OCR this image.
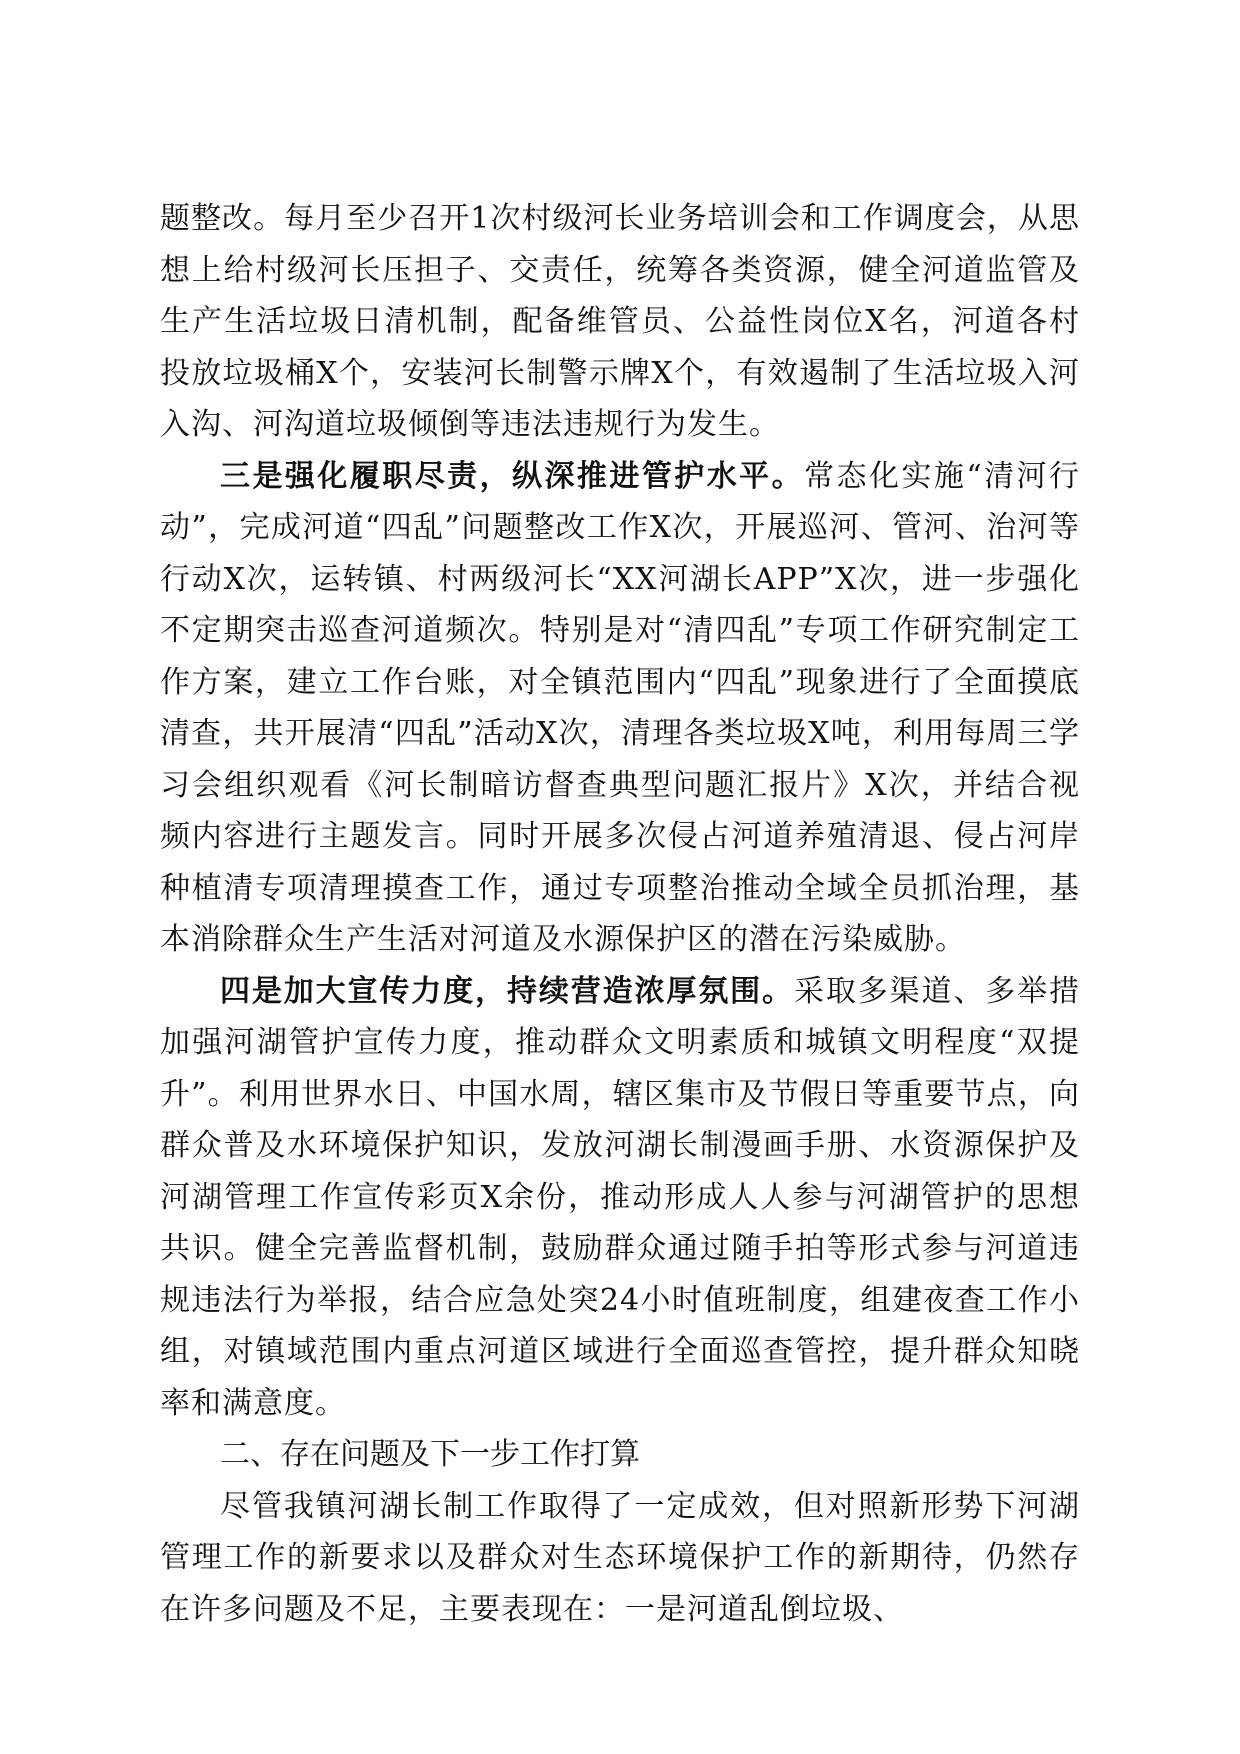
题整改。每月至少召开1次村级河长业务培训会和工作调度会，从思想上给村级河长压担子、交责任，统筹各类资源，健全河道监管及生产生活垃圾日清机制，配备维管员、公益性岗位X名，河道各村投放垃圾桶X个，安装河长制警示牌X个，有效遏制了生活垃圾入河入沟、河沟道垃圾倾倒等违法违规行为发生。

三是强化履职尽责，纵深推进管护水平。常态化实施“清河行动”，完成河道“四乱”问题整改工作X次，开展巡河、管河、治河等行动X次，运转镇、村两级河长“XX河湖长APP”X次，进一步强化不定期突击巡查河道频次。特别是对“清四乱”专项工作研究制定工作方案，建立工作台账，对全镇范围内“四乱”现象进行了全面摸底清查，共开展清“四乱”活动X次，清理各类垃圾X吨，利用每周三学习会组织观看《河长制暗访督查典型问题汇报片》X次，并结合视频内容进行主题发言。同时开展多次侵占河道养殖清退、侵占河岸种植清专项清理摸查工作，通过专项整治推动全域全员抓治理，基本消除群众生产生活对河道及水源保护区的潜在污染威胁。

四是加大宣传力度，持续营造浓厚氛围。采取多渠道、多举措加强河湖管护宣传力度，推动群众文明素质和城镇文明程度“双提升”。利用世界水日、中国水周，辖区集市及节假日等重要节点，向群众普及水环境保护知识，发放河湖长制漫画手册、水资源保护及河湖管理工作宣传彩页X余份，推动形成人人参与河湖管护的思想共识。健全完善监督机制，鼓励群众通过随手拍等形式参与河道违规违法行为举报，结合应急处突24小时值班制度，组建夜查工作小组，对镇域范围内重点河道区域进行全面巡查管控，提升群众知晓率和满意度。

二、存在问题及下一步工作打算

尽管我镇河湖长制工作取得了一定成效，但对照新形势下河湖管理工作的新要求以及群众对生态环境保护工作的新期待，仍然存在许多问题及不足，主要表现在：一是河道乱倒垃圾、
